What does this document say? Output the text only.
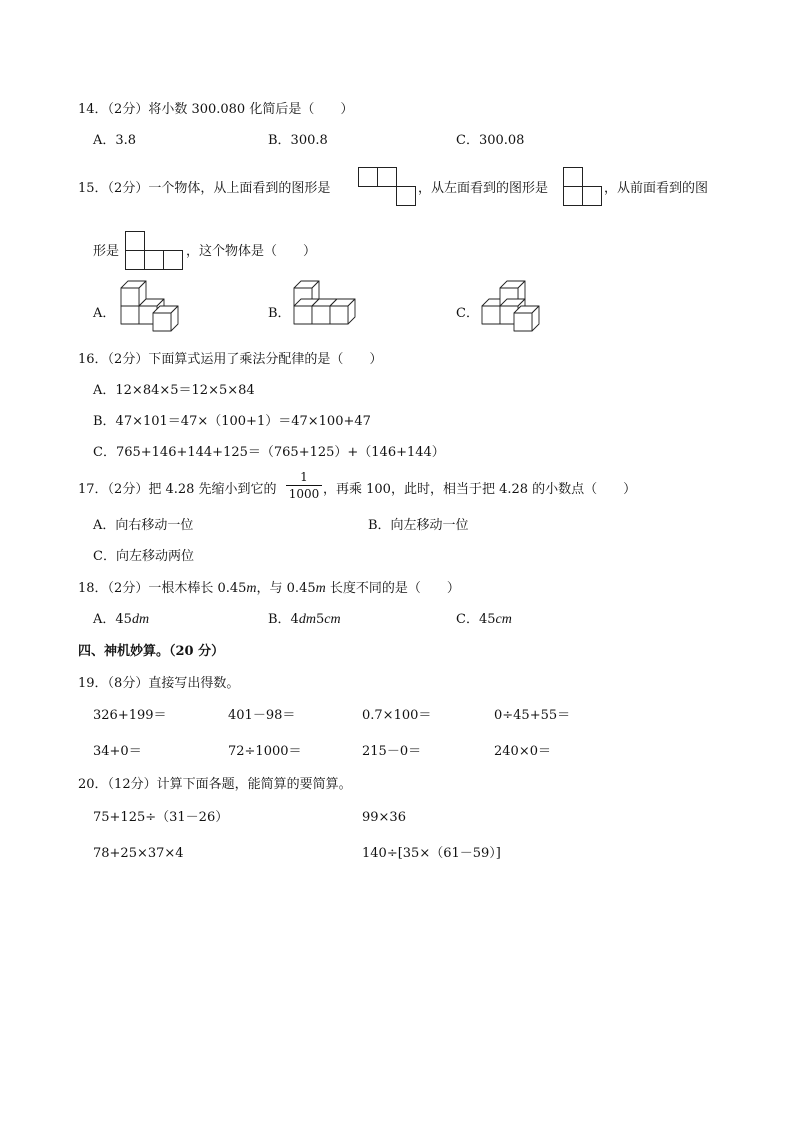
14．（2分）将小数 300.080 化简后是（　　）
A．3.8	B．300.8	C．300.08
15．（2分）一个物体，从上面看到的图形是	，从左面看到的图形是	，从前面看到的图
形是	，这个物体是（　　）
A．	B．	C．
16．（2分）下面算式运用了乘法分配律的是（　　）
A．12×84×5＝12×5×84
B．47×101＝47×（100+1）＝47×100+47
C．765+146+144+125＝（765+125）+（146+144）
17．（2分）把 4.28 先缩小到它的
1
1000 ，再乘 100，此时，相当于把 4.28 的小数点（　　）
A．向右移动一位	B．向左移动一位
C．向左移动两位
18．（2分）一根木棒长 0.45m，与 0.45m 长度不同的是（　　）
A．45dm	B．4dm5cm	C．45cm
四、神机妙算。（20 分）
19．（8分）直接写出得数。
326+199＝	401－98＝	0.7×100＝	0÷45+55＝
34+0＝	72÷1000＝	215－0＝	240×0＝
20．（12分）计算下面各题，能简算的要简算。
75+125÷（31－26）	99×36
78+25×37×4	140÷[35×（61－59）]
